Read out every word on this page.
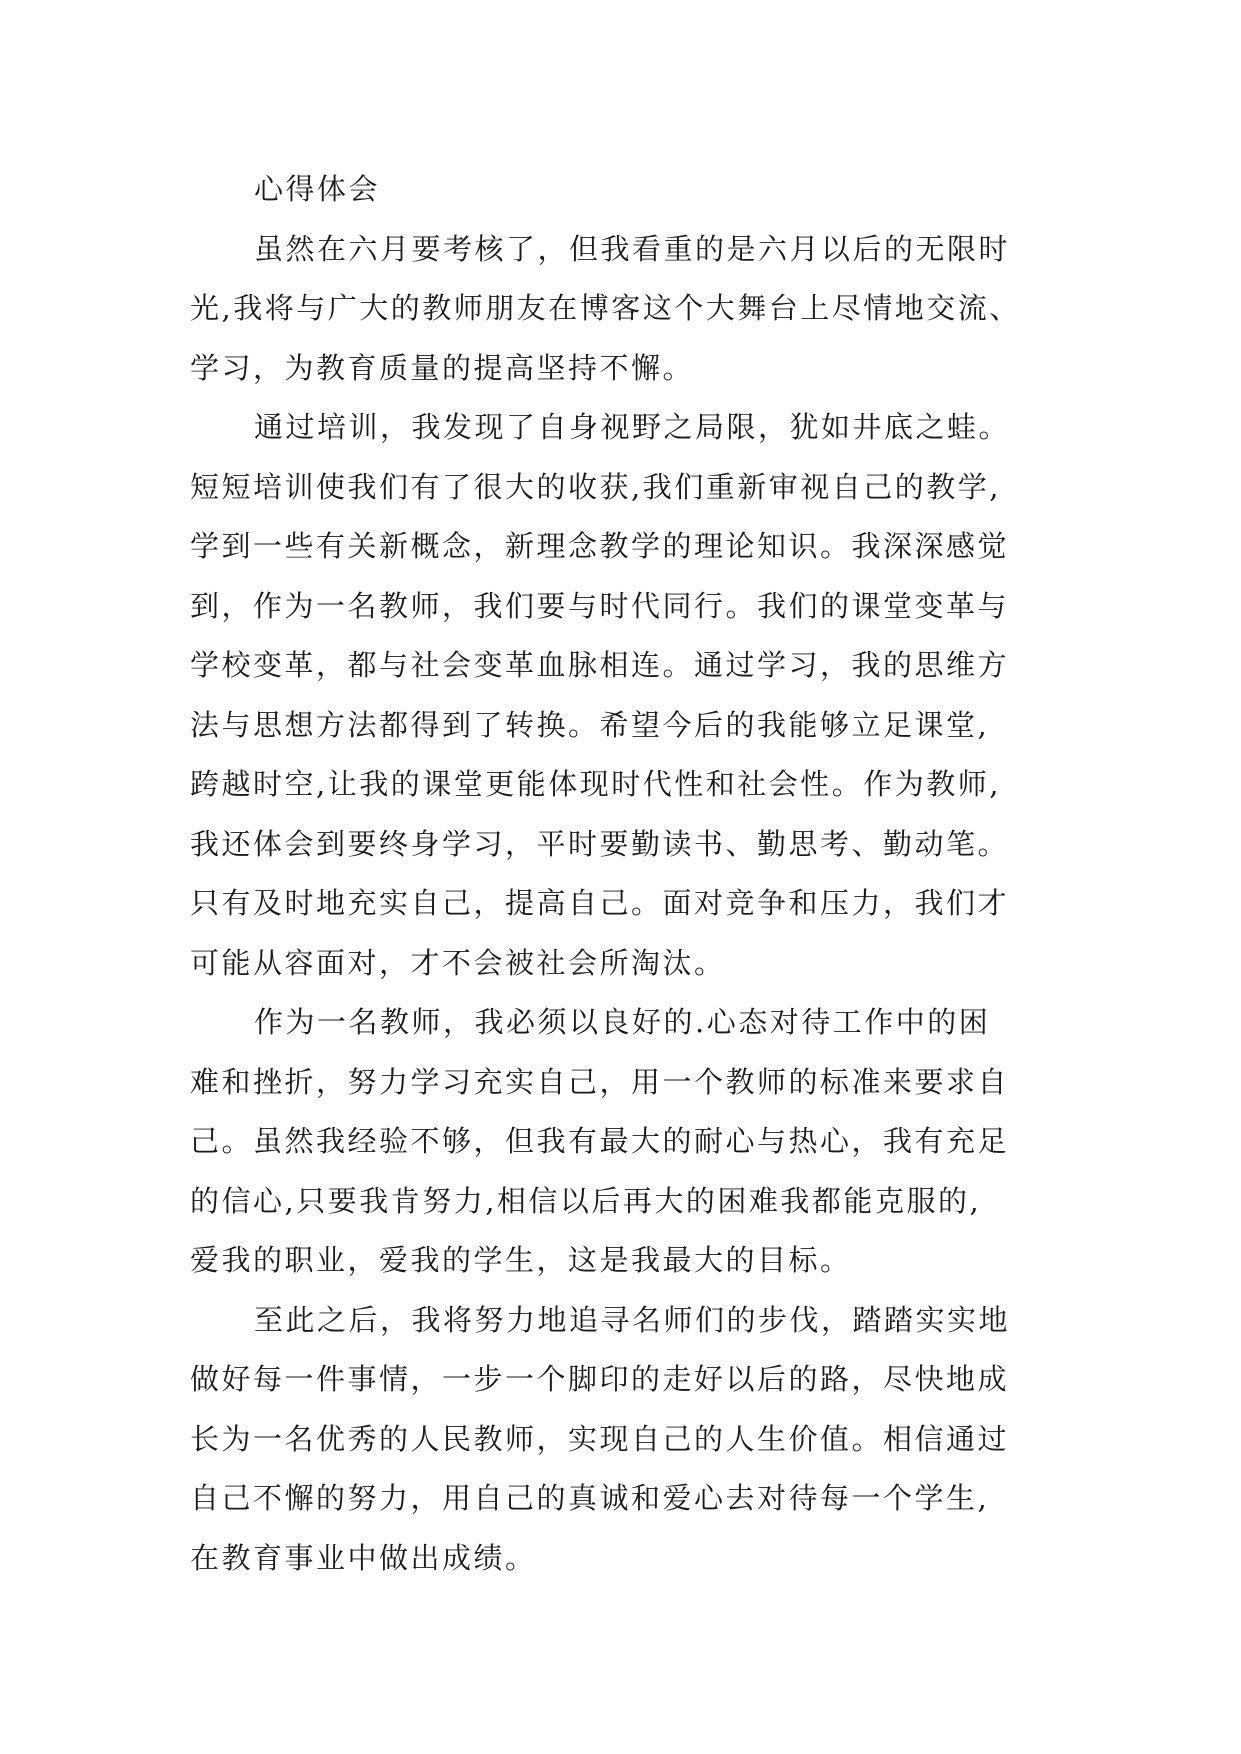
心得体会
虽然在六月要考核了，但我看重的是六月以后的无限时
光,我将与广大的教师朋友在博客这个大舞台上尽情地交流、
学习，为教育质量的提高坚持不懈。
通过培训，我发现了自身视野之局限，犹如井底之蛙。
短短培训使我们有了很大的收获,我们重新审视自己的教学,
学到一些有关新概念，新理念教学的理论知识。我深深感觉
到，作为一名教师，我们要与时代同行。我们的课堂变革与
学校变革，都与社会变革血脉相连。通过学习，我的思维方
法与思想方法都得到了转换。希望今后的我能够立足课堂,
跨越时空,让我的课堂更能体现时代性和社会性。作为教师,
我还体会到要终身学习，平时要勤读书、勤思考、勤动笔。
只有及时地充实自己，提高自己。面对竞争和压力，我们才
可能从容面对，才不会被社会所淘汰。
作为一名教师，我必须以良好的.心态对待工作中的困
难和挫折，努力学习充实自己，用一个教师的标准来要求自
己。虽然我经验不够，但我有最大的耐心与热心，我有充足
的信心,只要我肯努力,相信以后再大的困难我都能克服的,
爱我的职业，爱我的学生，这是我最大的目标。
至此之后，我将努力地追寻名师们的步伐，踏踏实实地
做好每一件事情，一步一个脚印的走好以后的路，尽快地成
长为一名优秀的人民教师，实现自己的人生价值。相信通过
自己不懈的努力，用自己的真诚和爱心去对待每一个学生,
在教育事业中做出成绩。
